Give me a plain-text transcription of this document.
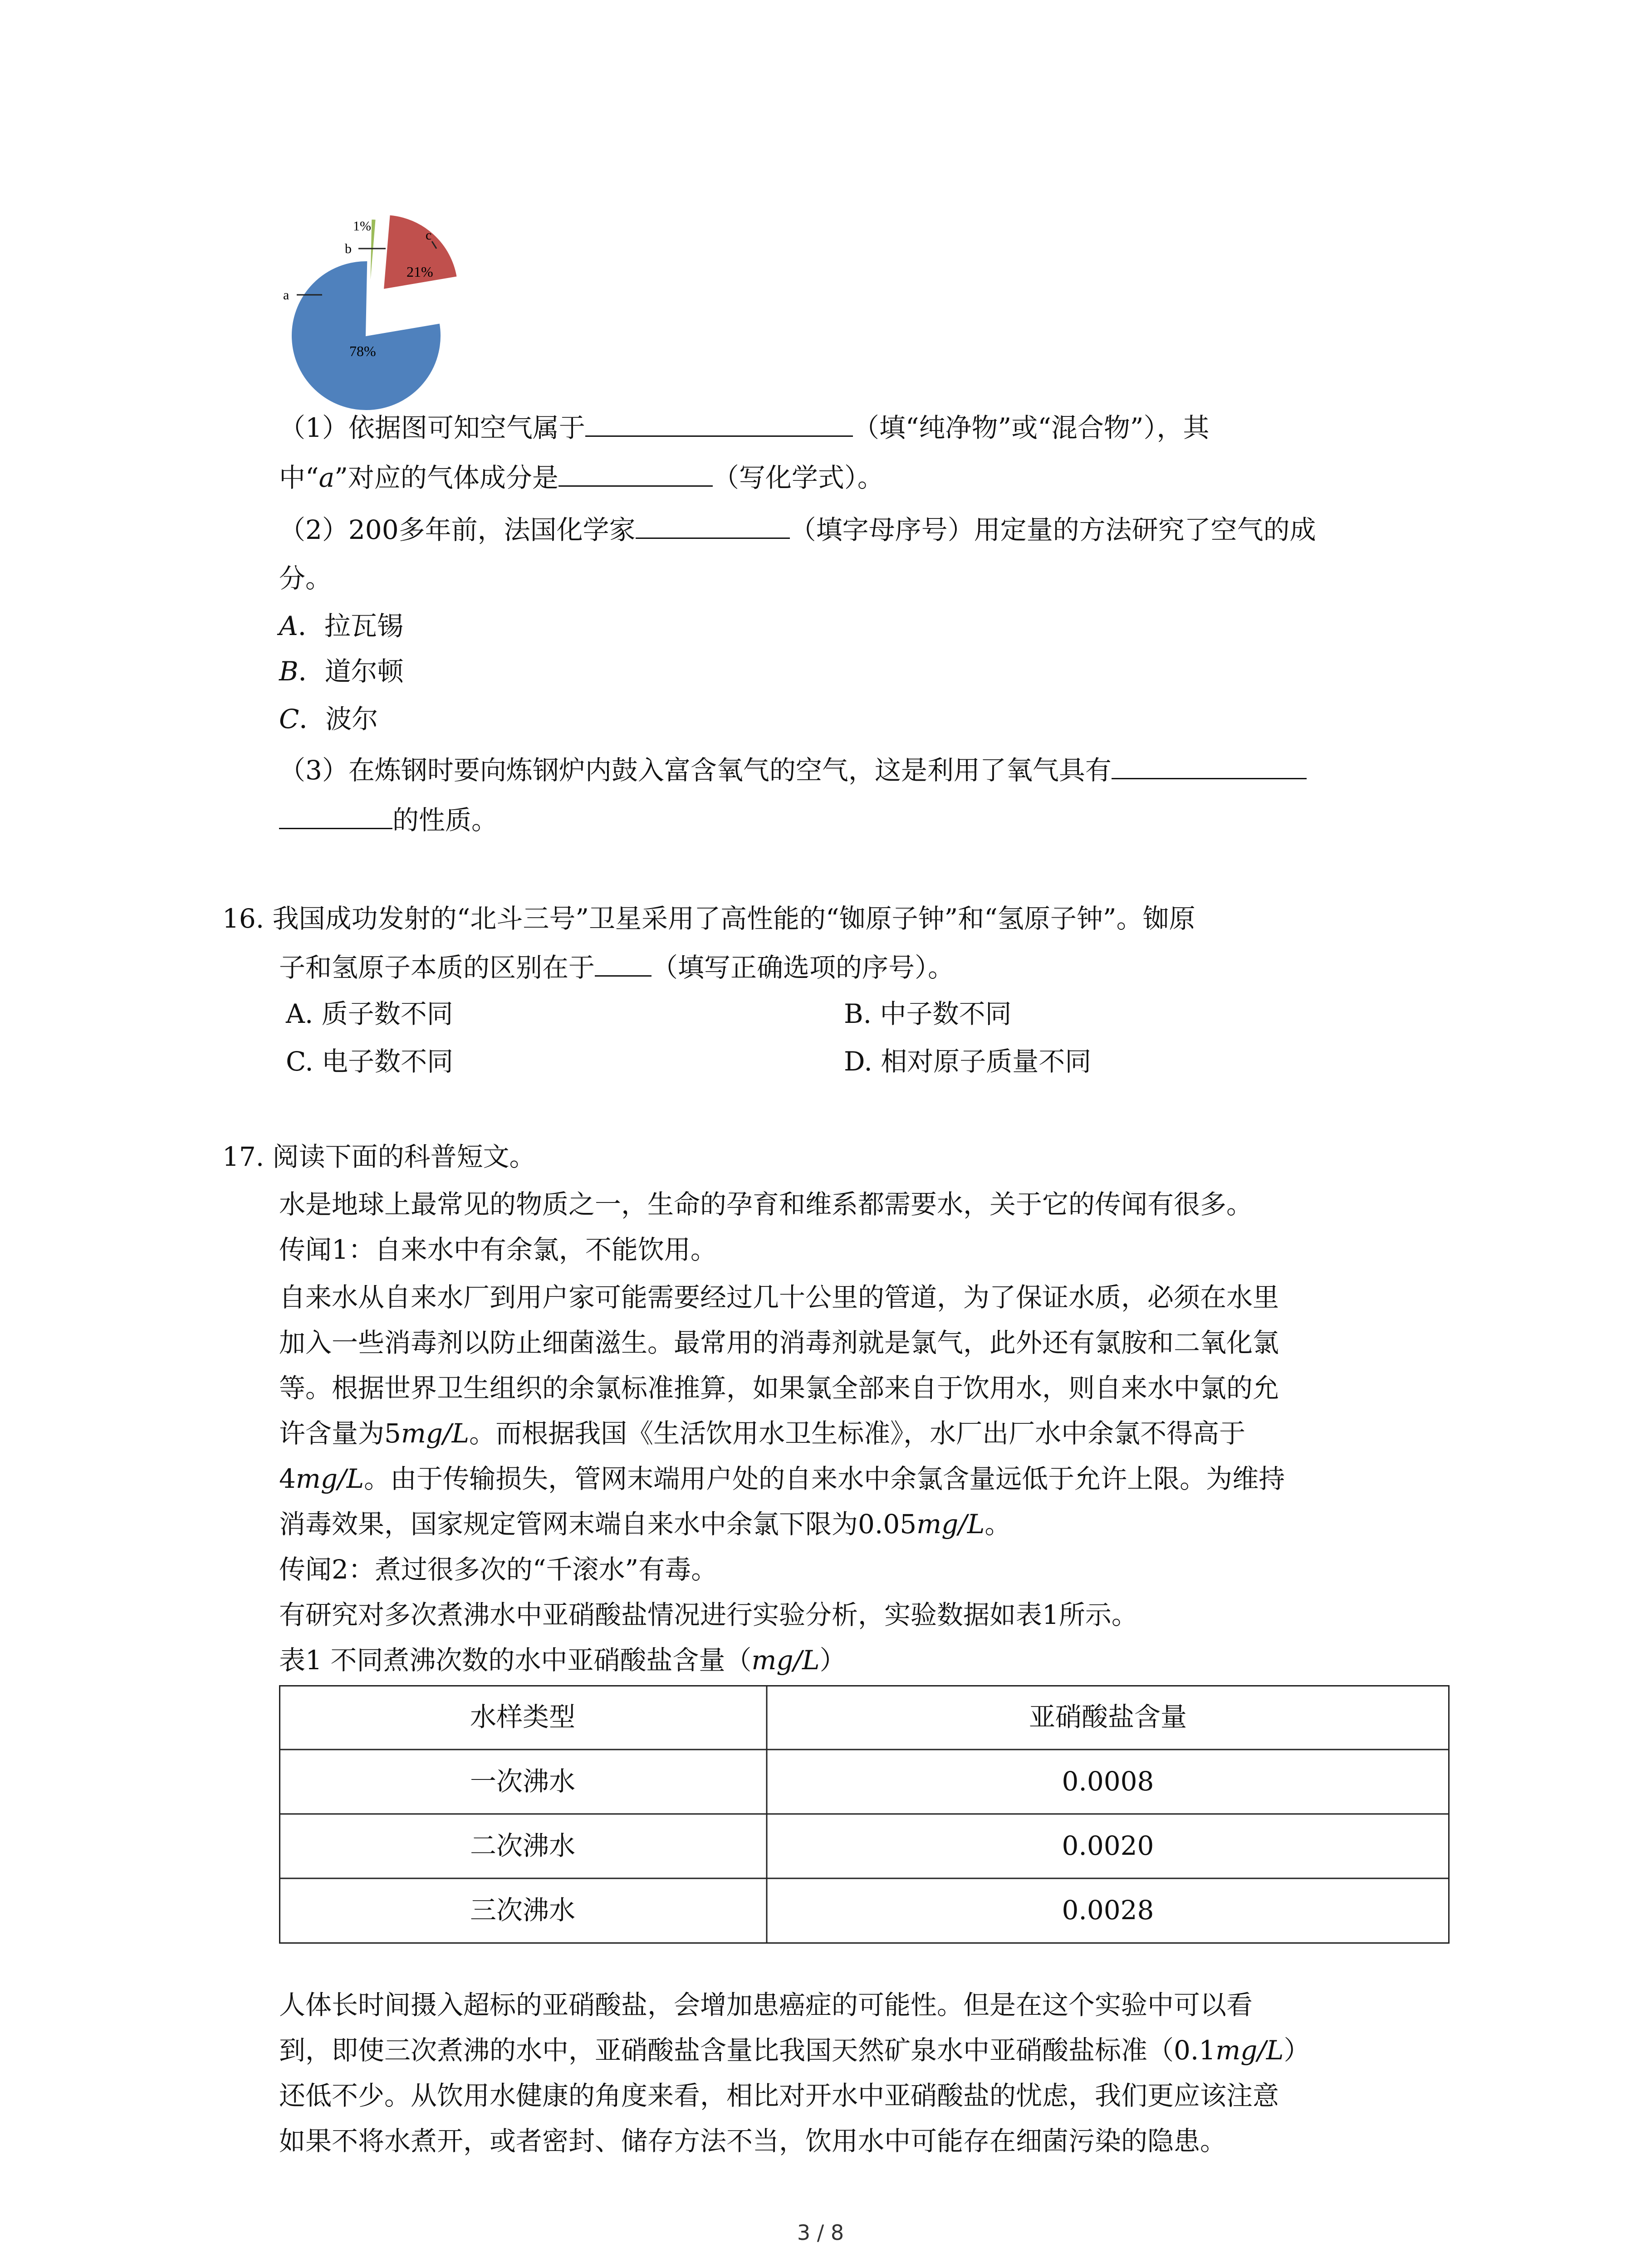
a
b
c
78%
1%
21%
（1）依据图可知空气属于	（填“纯净物”或“混合物”），其
中“a”对应的气体成分是	（写化学式）。
（2）200多年前，法国化学家	（填字母序号）用定量的方法研究了空气的成
分。
A．拉瓦锡
B．道尔顿
C．波尔
（3）在炼钢时要向炼钢炉内鼓入富含氧气的空气，这是利用了氧气具有
的性质。
16. 我国成功发射的“北斗三号”卫星采用了高性能的“铷原子钟”和“氢原子钟”。铷原
子和氢原子本质的区别在于 （填写正确选项的序号）。
A. 质子数不同	B. 中子数不同
C. 电子数不同	D. 相对原子质量不同
17. 阅读下面的科普短文。
水是地球上最常见的物质之一，生命的孕育和维系都需要水，关于它的传闻有很多。
传闻1：自来水中有余氯，不能饮用。
自来水从自来水厂到用户家可能需要经过几十公里的管道，为了保证水质，必须在水里
加入一些消毒剂以防止细菌滋生。最常用的消毒剂就是氯气，此外还有氯胺和二氧化氯
等。根据世界卫生组织的余氯标准推算，如果氯全部来自于饮用水，则自来水中氯的允
许含量为5mg/L。而根据我国《生活饮用水卫生标准》，水厂出厂水中余氯不得高于
4mg/L。由于传输损失，管网末端用户处的自来水中余氯含量远低于允许上限。为维持
消毒效果，国家规定管网末端自来水中余氯下限为0.05mg/L。
传闻2：煮过很多次的“千滚水”有毒。
有研究对多次煮沸水中亚硝酸盐情况进行实验分析，实验数据如表1所示。
表1 不同煮沸次数的水中亚硝酸盐含量（mg/L）
水样类型	亚硝酸盐含量
一次沸水	0.0008
二次沸水	0.0020
三次沸水	0.0028
人体长时间摄入超标的亚硝酸盐，会增加患癌症的可能性。但是在这个实验中可以看
到，即使三次煮沸的水中，亚硝酸盐含量比我国天然矿泉水中亚硝酸盐标准（0.1mg/L）
还低不少。从饮用水健康的角度来看，相比对开水中亚硝酸盐的忧虑，我们更应该注意
如果不将水煮开，或者密封、储存方法不当，饮用水中可能存在细菌污染的隐患。
3 / 8
